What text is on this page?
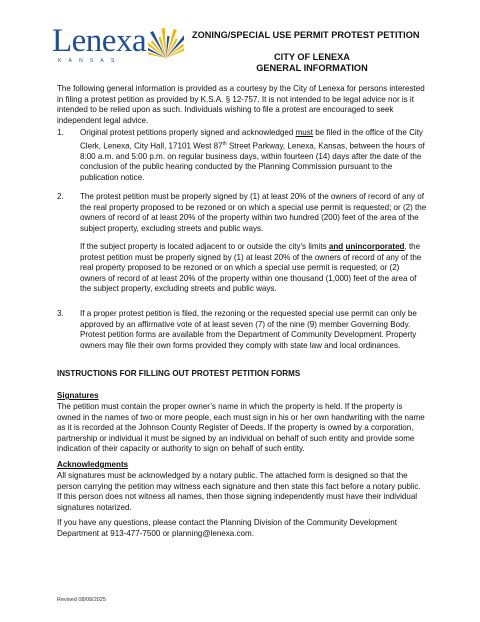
Lenexa
KANSAS
ZONING/SPECIAL USE PERMIT PROTEST PETITION
CITY OF LENEXA
GENERAL INFORMATION

The following general information is provided as a courtesy by the City of Lenexa for persons interested in filing a protest petition as provided by K.S.A. § 12-757. It is not intended to be legal advice nor is it intended to be relied upon as such. Individuals wishing to file a protest are encouraged to seek independent legal advice.

1.	Original protest petitions properly signed and acknowledged must be filed in the office of the City Clerk, Lenexa, City Hall, 17101 West 87th Street Parkway, Lenexa, Kansas, between the hours of 8:00 a.m. and 5:00 p.m. on regular business days, within fourteen (14) days after the date of the conclusion of the public hearing conducted by the Planning Commission pursuant to the publication notice.

2.	The protest petition must be properly signed by (1) at least 20% of the owners of record of any of the real property proposed to be rezoned or on which a special use permit is requested; or (2) the owners of record of at least 20% of the property within two hundred (200) feet of the area of the subject property, excluding streets and public ways.

If the subject property is located adjacent to or outside the city's limits and unincorporated, the protest petition must be properly signed by (1) at least 20% of the owners of record of any of the real property proposed to be rezoned or on which a special use permit is requested; or (2) owners of record of at least 20% of the property within one thousand (1,000) feet of the area of the subject property, excluding streets and public ways.

3.	If a proper protest petition is filed, the rezoning or the requested special use permit can only be approved by an affirmative vote of at least seven (7) of the nine (9) member Governing Body. Protest petition forms are available from the Department of Community Development. Property owners may file their own forms provided they comply with state law and local ordinances.

INSTRUCTIONS FOR FILLING OUT PROTEST PETITION FORMS
Signatures

The petition must contain the proper owner’s name in which the property is held. If the property is owned in the names of two or more people, each must sign in his or her own handwriting with the name as it is recorded at the Johnson County Register of Deeds. If the property is owned by a corporation, partnership or individual it must be signed by an individual on behalf of such entity and provide some indication of their capacity or authority to sign on behalf of such entity.

Acknowledgments

All signatures must be acknowledged by a notary public. The attached form is designed so that the person carrying the petition may witness each signature and then state this fact before a notary public. If this person does not witness all names, then those signing independently must have their individual signatures notarized.

If you have any questions, please contact the Planning Division of the Community Development Department at 913-477-7500 or planning@lenexa.com.

Revised 08/08/2025
